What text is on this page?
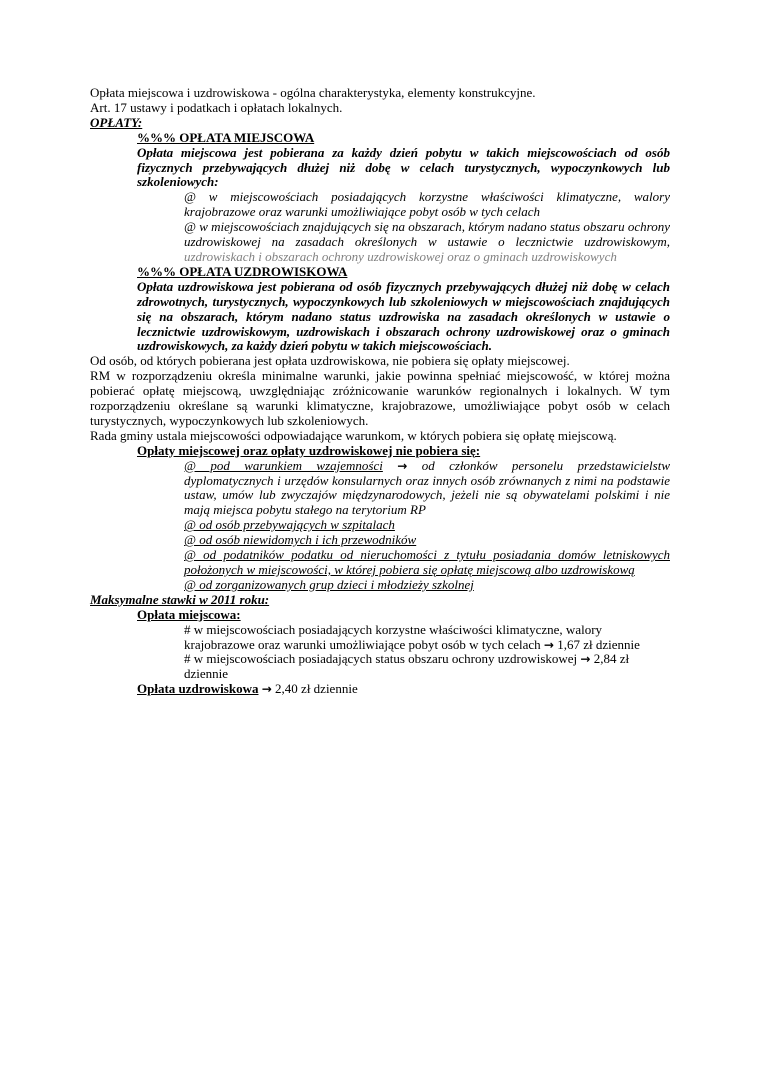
Opłata miejscowa i uzdrowiskowa - ogólna charakterystyka, elementy konstrukcyjne.
Art. 17 ustawy i podatkach i opłatach lokalnych.
OPŁATY:
%%% OPŁATA MIEJSCOWA
Opłata miejscowa jest pobierana za każdy dzień pobytu w takich miejscowościach od osób fizycznych przebywających dłużej niż dobę w celach turystycznych, wypoczynkowych lub szkoleniowych:
@ w miejscowościach posiadających korzystne właściwości klimatyczne, walory krajobrazowe oraz warunki umożliwiające pobyt osób w tych celach
@ w miejscowościach znajdujących się na obszarach, którym nadano status obszaru ochrony uzdrowiskowej na zasadach określonych w ustawie o lecznictwie uzdrowiskowym, uzdrowiskach i obszarach ochrony uzdrowiskowej oraz o gminach uzdrowiskowych
%%% OPŁATA UZDROWISKOWA
Opłata uzdrowiskowa jest pobierana od osób fizycznych przebywających dłużej niż dobę w celach zdrowotnych, turystycznych, wypoczynkowych lub szkoleniowych w miejscowościach znajdujących się na obszarach, którym nadano status uzdrowiska na zasadach określonych w ustawie o lecznictwie uzdrowiskowym, uzdrowiskach i obszarach ochrony uzdrowiskowej oraz o gminach uzdrowiskowych, za każdy dzień pobytu w takich miejscowościach.
Od osób, od których pobierana jest opłata uzdrowiskowa, nie pobiera się opłaty miejscowej.
RM w rozporządzeniu określa minimalne warunki, jakie powinna spełniać miejscowość, w której można pobierać opłatę miejscową, uwzględniając zróżnicowanie warunków regionalnych i lokalnych. W tym rozporządzeniu określane są warunki klimatyczne, krajobrazowe, umożliwiające pobyt osób w celach turystycznych, wypoczynkowych lub szkoleniowych.
Rada gminy ustala miejscowości odpowiadające warunkom, w których pobiera się opłatę miejscową.
Opłaty miejscowej oraz opłaty uzdrowiskowej nie pobiera się:
@ pod warunkiem wzajemności → od członków personelu przedstawicielstw dyplomatycznych i urzędów konsularnych oraz innych osób zrównanych z nimi na podstawie ustaw, umów lub zwyczajów międzynarodowych, jeżeli nie są obywatelami polskimi i nie mają miejsca pobytu stałego na terytorium RP
@ od osób przebywających w szpitalach
@ od osób niewidomych i ich przewodników
@ od podatników podatku od nieruchomości z tytułu posiadania domów letniskowych położonych w miejscowości, w której pobiera się opłatę miejscową albo uzdrowiskową
@ od zorganizowanych grup dzieci i młodzieży szkolnej
Maksymalne stawki w 2011 roku:
Opłata miejscowa:
# w miejscowościach posiadających korzystne właściwości klimatyczne, walory krajobrazowe oraz warunki umożliwiające pobyt osób w tych celach → 1,67 zł dziennie
# w miejscowościach posiadających status obszaru ochrony uzdrowiskowej → 2,84 zł dziennie
Opłata uzdrowiskowa → 2,40 zł dziennie
